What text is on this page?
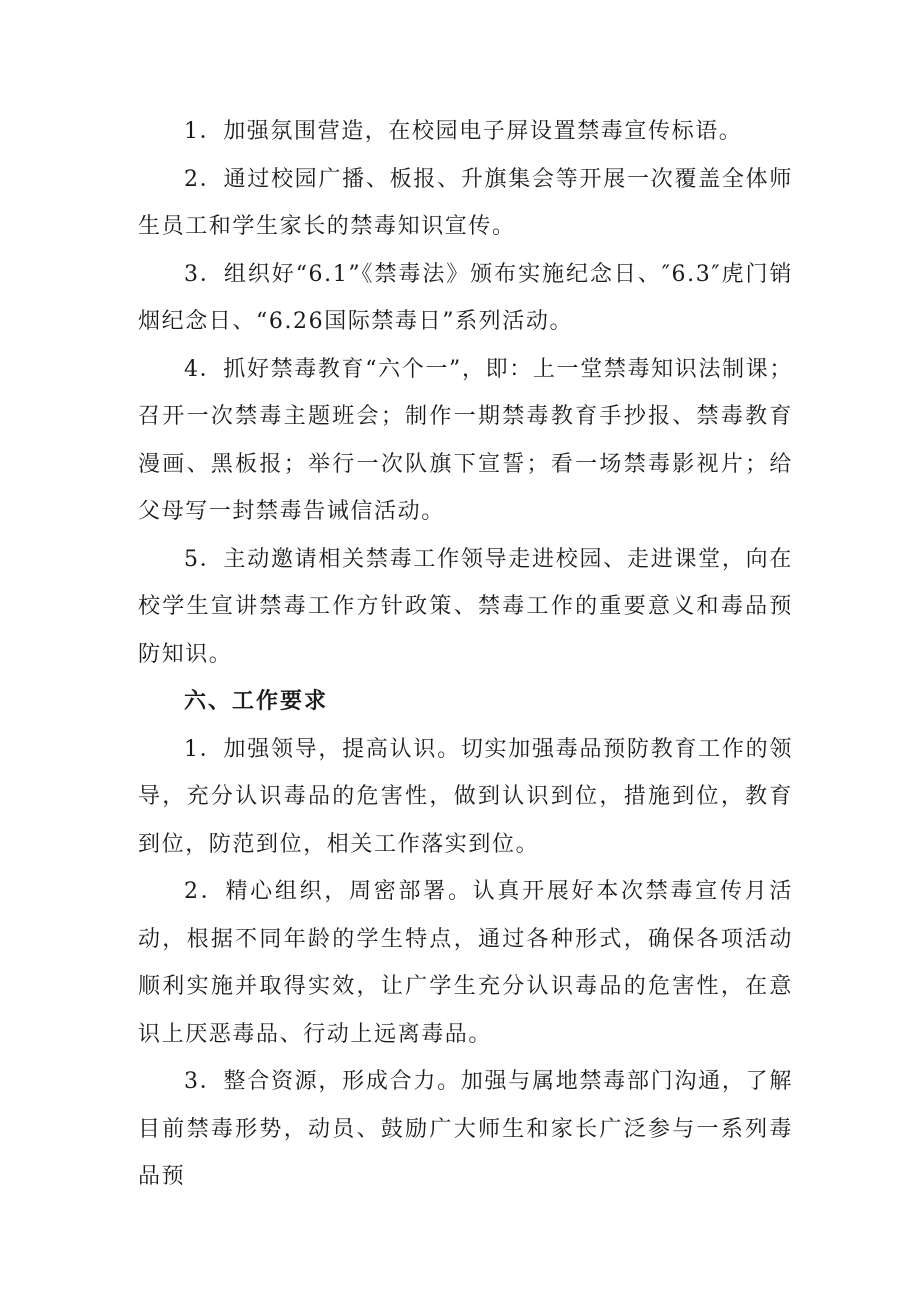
1．加强氛围营造，在校园电子屏设置禁毒宣传标语。

2．通过校园广播、板报、升旗集会等开展一次覆盖全体师生员工和学生家长的禁毒知识宣传。

3．组织好“6.1”《禁毒法》颁布实施纪念日、″6.3″虎门销烟纪念日、“6.26国际禁毒日”系列活动。

4．抓好禁毒教育“六个一”，即：上一堂禁毒知识法制课；召开一次禁毒主题班会；制作一期禁毒教育手抄报、禁毒教育漫画、黑板报；举行一次队旗下宣誓；看一场禁毒影视片；给父母写一封禁毒告诫信活动。

5．主动邀请相关禁毒工作领导走进校园、走进课堂，向在校学生宣讲禁毒工作方针政策、禁毒工作的重要意义和毒品预防知识。

六、工作要求

1．加强领导，提高认识。切实加强毒品预防教育工作的领导，充分认识毒品的危害性，做到认识到位，措施到位，教育到位，防范到位，相关工作落实到位。

2．精心组织，周密部署。认真开展好本次禁毒宣传月活动，根据不同年龄的学生特点，通过各种形式，确保各项活动顺利实施并取得实效，让广学生充分认识毒品的危害性，在意识上厌恶毒品、行动上远离毒品。

3．整合资源，形成合力。加强与属地禁毒部门沟通，了解目前禁毒形势，动员、鼓励广大师生和家长广泛参与一系列毒品预
